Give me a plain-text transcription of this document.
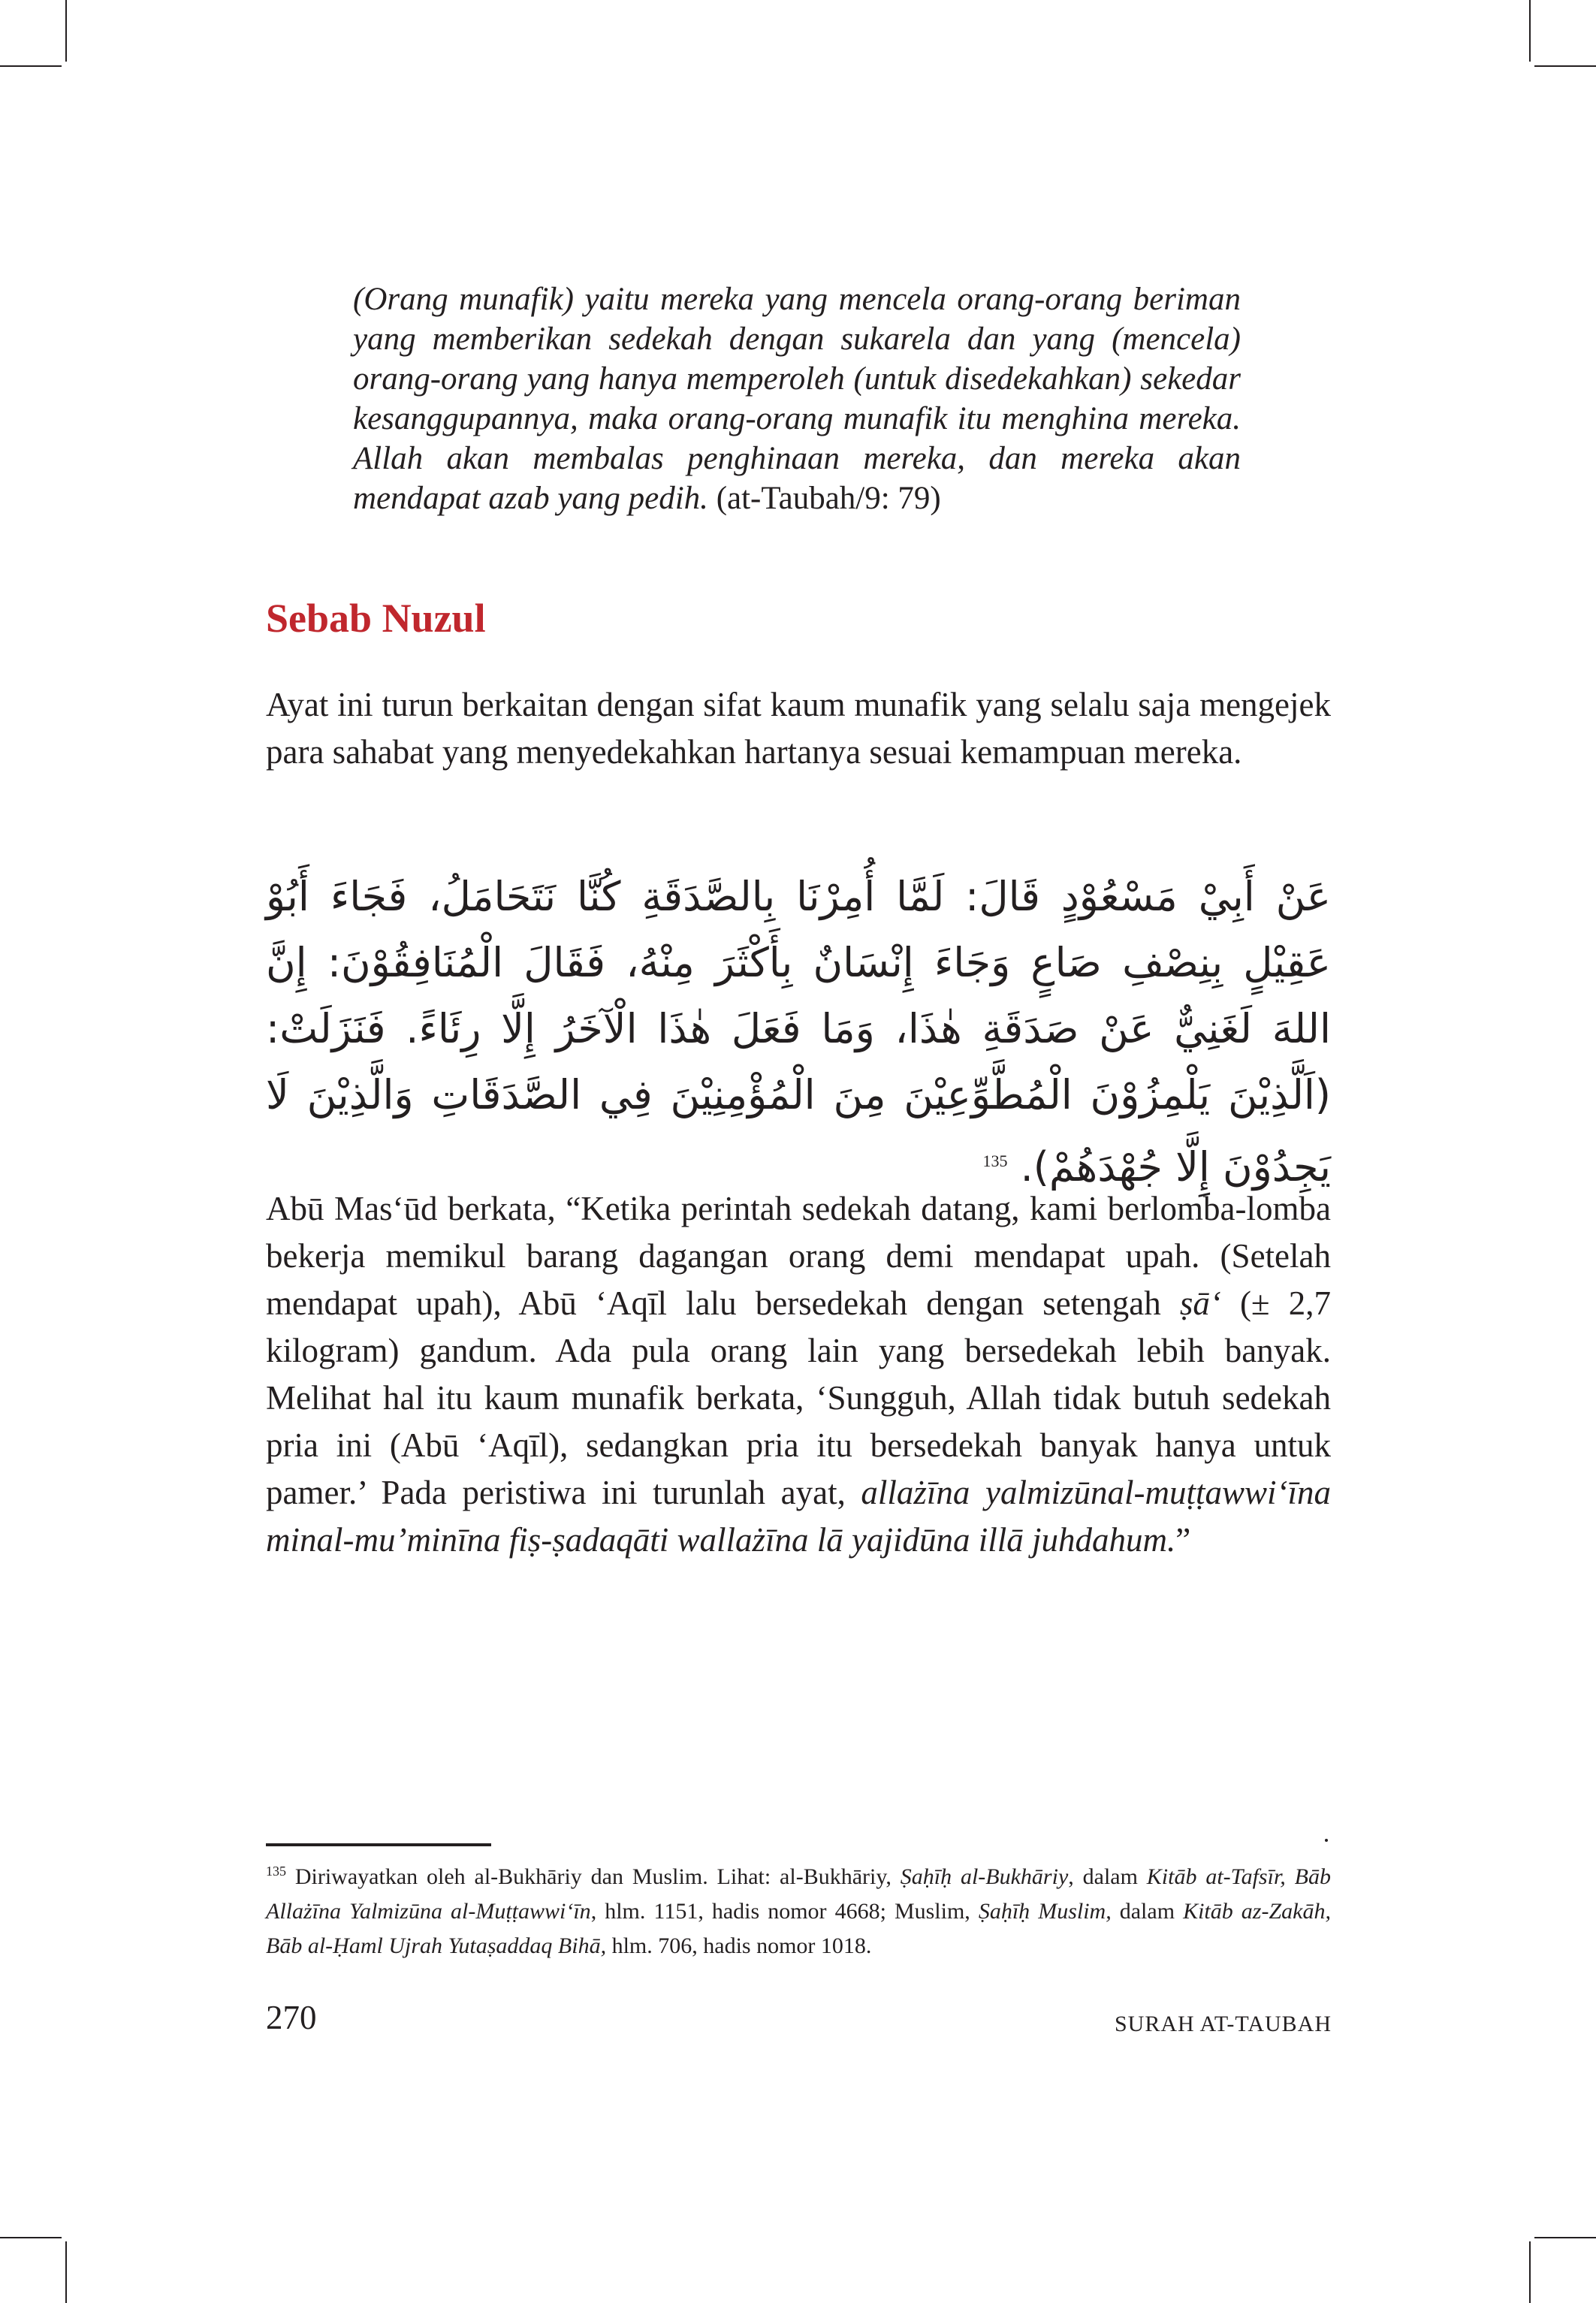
(Orang munafik) yaitu mereka yang mencela orang-orang beriman yang memberikan sedekah dengan sukarela dan yang (mencela) orang-orang yang hanya memperoleh (untuk disedekahkan) sekedar kesanggupannya, maka orang-orang munafik itu menghina mereka. Allah akan membalas penghinaan mereka, dan mereka akan mendapat azab yang pedih. (at-Taubah/9: 79)
Sebab Nuzul
Ayat ini turun berkaitan dengan sifat kaum munafik yang selalu saja mengejek para sahabat yang menyedekahkan hartanya sesuai kemampuan mereka.
عَنْ أَبِيْ مَسْعُوْدٍ قَالَ: لَمَّا أُمِرْنَا بِالصَّدَقَةِ كُنَّا نَتَحَامَلُ، فَجَاءَ أَبُوْ عَقِيْلٍ بِنِصْفِ صَاعٍ وَجَاءَ إِنْسَانٌ بِأَكْثَرَ مِنْهُ، فَقَالَ الْمُنَافِقُوْنَ: إِنَّ اللهَ لَغَنِيٌّ عَنْ صَدَقَةِ هٰذَا، وَمَا فَعَلَ هٰذَا الْآخَرُ إِلَّا رِئَاءً. فَنَزَلَتْ: (اَلَّذِيْنَ يَلْمِزُوْنَ الْمُطَّوِّعِيْنَ مِنَ الْمُؤْمِنِيْنَ فِي الصَّدَقَاتِ وَالَّذِيْنَ لَا يَجِدُوْنَ إِلَّا جُهْدَهُمْ). $^{135}$
Abū Mas‘ūd berkata, “Ketika perintah sedekah datang, kami berlomba-lomba bekerja memikul barang dagangan orang demi mendapat upah. (Setelah mendapat upah), Abū ‘Aqīl lalu bersedekah dengan setengah ṣā‘ (± 2,7 kilogram) gandum. Ada pula orang lain yang bersedekah lebih banyak. Melihat hal itu kaum munafik berkata, ‘Sungguh, Allah tidak butuh sedekah pria ini (Abū ‘Aqīl), sedangkan pria itu bersedekah banyak hanya untuk pamer.’ Pada peristiwa ini turunlah ayat, allażīna yalmizūnal-muṭṭawwi‘īna minal-mu’minīna fiṣ-ṣadaqāti wallażīna lā yajidūna illā juhdahum.”
$^{135}$ Diriwayatkan oleh al-Bukhāriy dan Muslim. Lihat: al-Bukhāriy, Ṣaḥīḥ al-Bukhāriy, dalam Kitāb at-Tafsīr, Bāb Allażīna Yalmizūna al-Muṭṭawwi‘īn, hlm. 1151, hadis nomor 4668; Muslim, Ṣaḥīḥ Muslim, dalam Kitāb az-Zakāh, Bāb al-Ḥaml Ujrah Yutaṣaddaq Bihā, hlm. 706, hadis nomor 1018.
270	SURAH AT-TAUBAH
